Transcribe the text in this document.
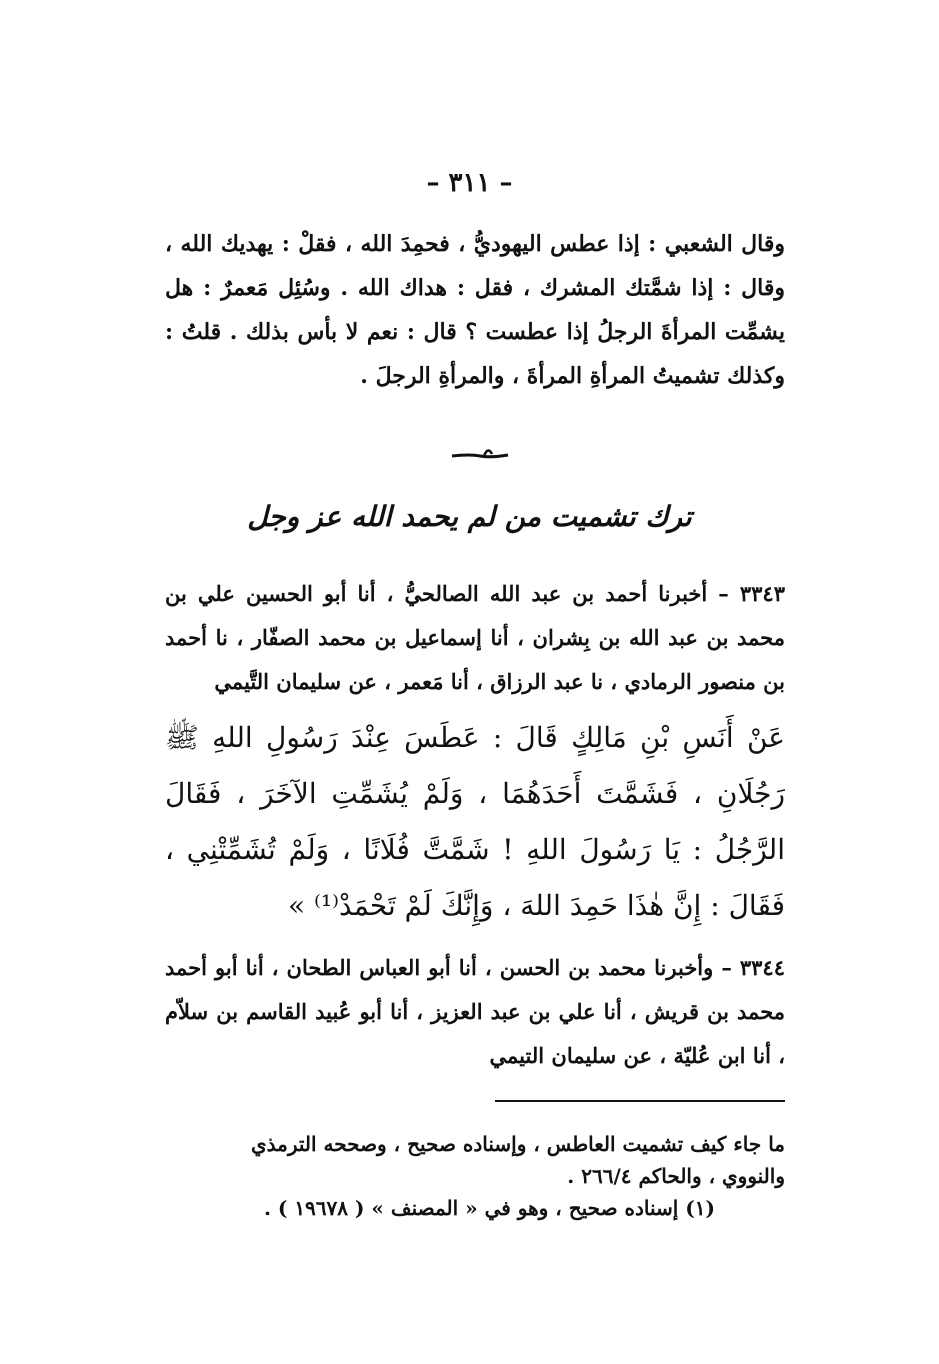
– ٣١١ –
وقال الشعبي : إذا عطس اليهوديُّ ، فحمِدَ الله ، فقلْ : يهديك الله ، وقال : إذا شمَّتك المشرك ، فقل : هداك الله . وسُئِل مَعمرٌ : هل يشمِّت المرأةَ الرجلُ إذا عطست ؟ قال : نعم لا بأس بذلك . قلتُ : وكذلك تشميتُ المرأةِ المرأةَ ، والمرأةِ الرجلَ .
ترك تشميت من لم يحمد الله عز وجل
٣٣٤٣ – أخبرنا أحمد بن عبد الله الصالحيُّ ، أنا أبو الحسين علي بن محمد بن عبد الله بن بِشران ، أنا إسماعيل بن محمد الصفّار ، نا أحمد بن منصور الرمادي ، نا عبد الرزاق ، أنا مَعمر ، عن سليمان التَّيمي
عَنْ أَنَسِ بْنِ مَالِكٍ قَالَ : عَطَسَ عِنْدَ رَسُولِ اللهِ ﷺ رَجُلَانِ ، فَشَمَّتَ أَحَدَهُمَا ، وَلَمْ يُشَمِّتِ الآخَرَ ، فَقَالَ الرَّجُلُ : يَا رَسُولَ اللهِ ! شَمَّتَّ فُلَانًا ، وَلَمْ تُشَمِّتْنِي ، فَقَالَ : إِنَّ هٰذَا حَمِدَ اللهَ ، وَإِنَّكَ لَمْ تَحْمَدْ⁽¹⁾ »
٣٣٤٤ – وأخبرنا محمد بن الحسن ، أنا أبو العباس الطحان ، أنا أبو أحمد محمد بن قريش ، أنا علي بن عبد العزيز ، أنا أبو عُبيد القاسم بن سلاّم ، أنا ابن عُليّة ، عن سليمان التيمي
ما جاء كيف تشميت العاطس ، وإسناده صحيح ، وصححه الترمذي
والنووي ، والحاكم ٢٦٦/٤ .
(١) إسناده صحيح ، وهو في « المصنف » ( ١٩٦٧٨ ) .
